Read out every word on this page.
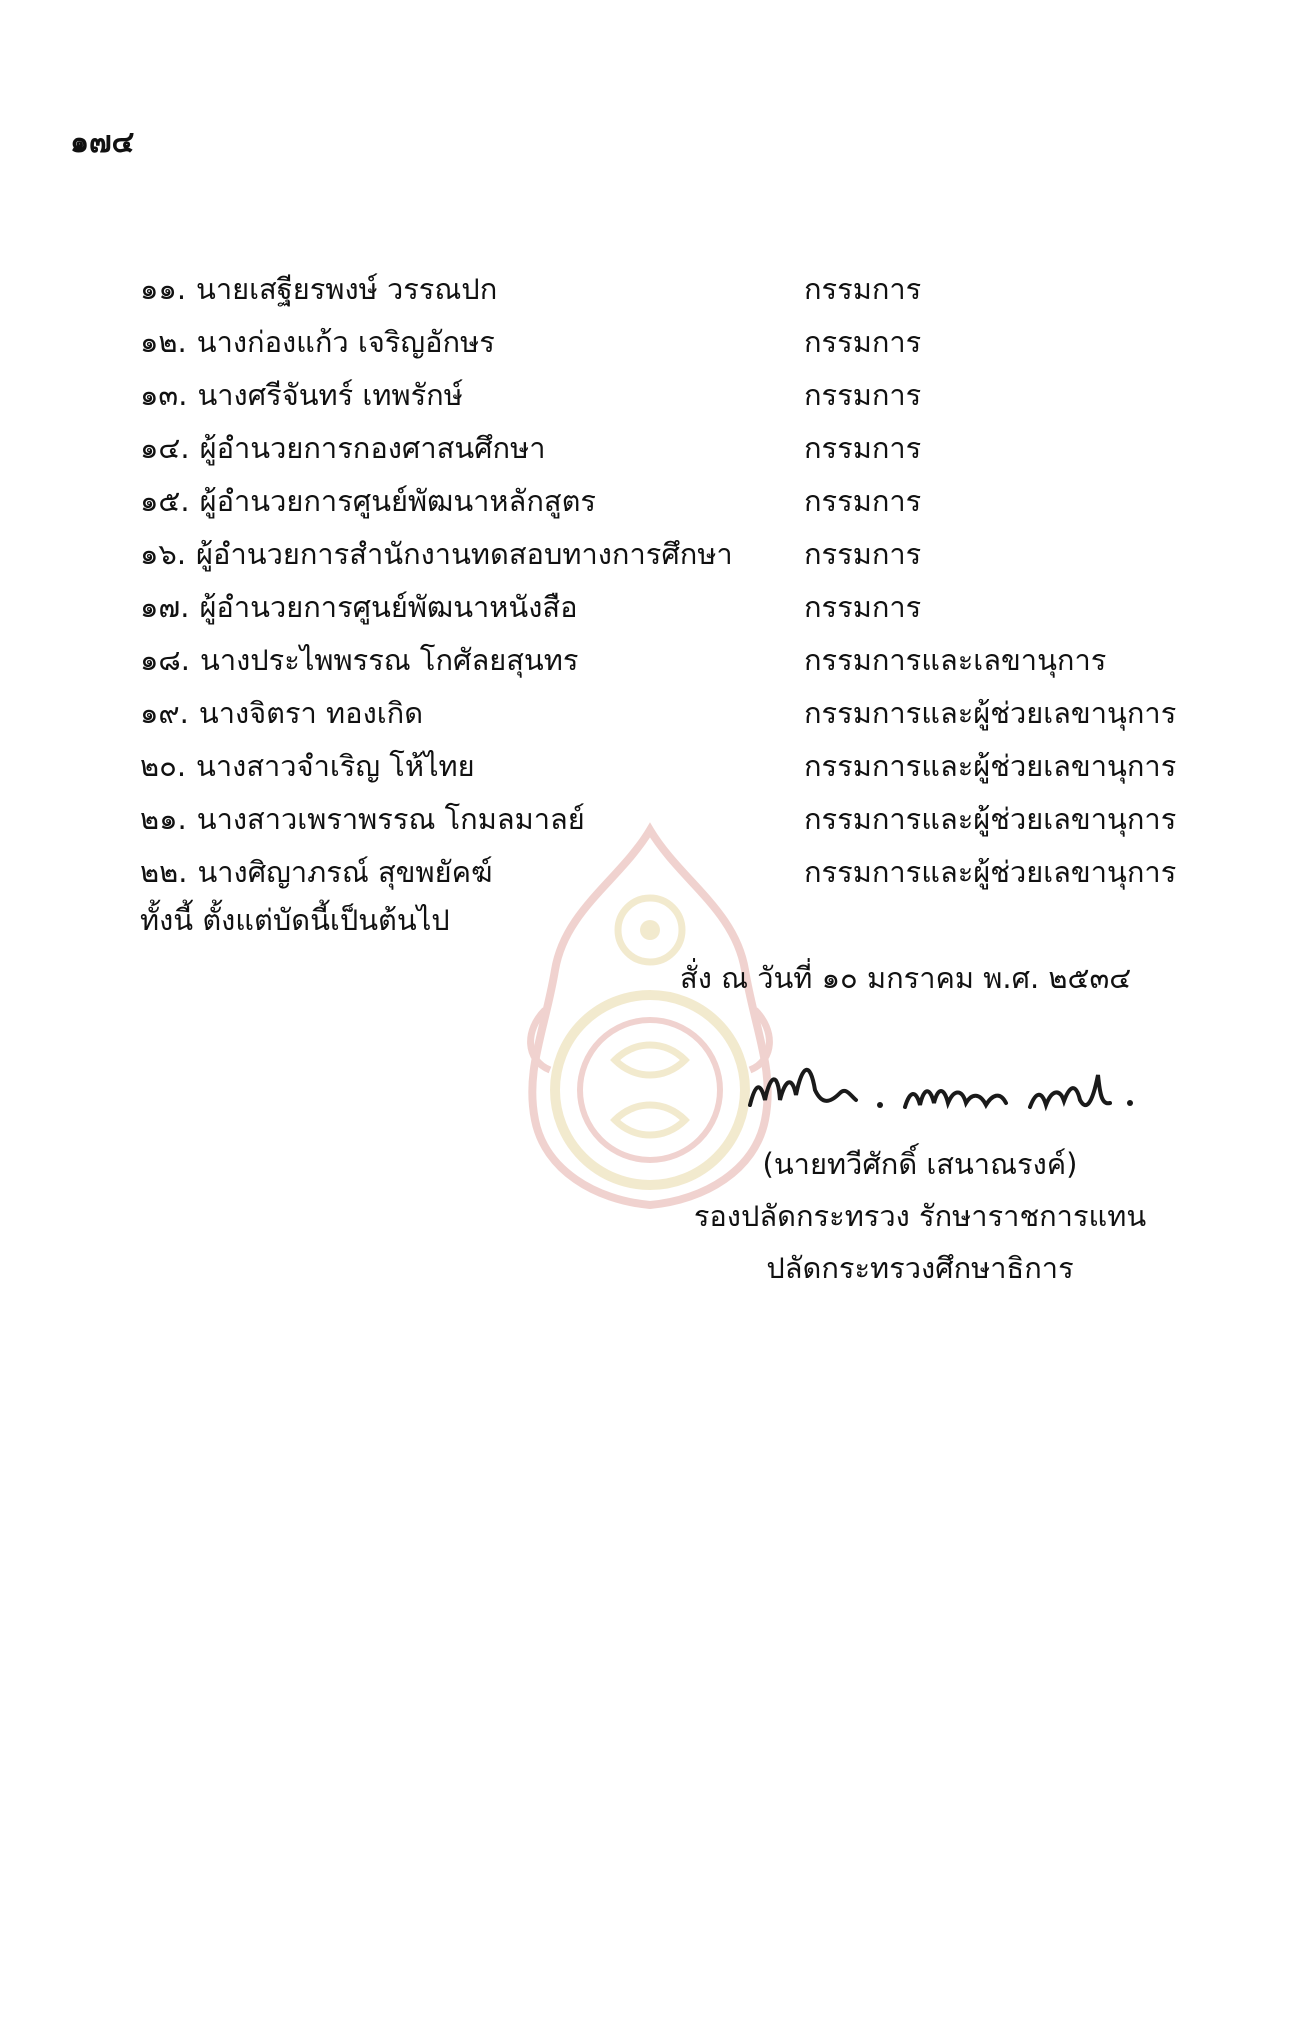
๑๗๔
๑๑. นายเสฐียรพงษ์ วรรณปก	กรรมการ
๑๒. นางก่องแก้ว เจริญอักษร	กรรมการ
๑๓. นางศรีจันทร์ เทพรักษ์	กรรมการ
๑๔. ผู้อำนวยการกองศาสนศึกษา	กรรมการ
๑๕. ผู้อำนวยการศูนย์พัฒนาหลักสูตร	กรรมการ
๑๖. ผู้อำนวยการสำนักงานทดสอบทางการศึกษา	กรรมการ
๑๗. ผู้อำนวยการศูนย์พัฒนาหนังสือ	กรรมการ
๑๘. นางประไพพรรณ โกศัลยสุนทร	กรรมการและเลขานุการ
๑๙. นางจิตรา ทองเกิด	กรรมการและผู้ช่วยเลขานุการ
๒๐. นางสาวจำเริญ โห้ไทย	กรรมการและผู้ช่วยเลขานุการ
๒๑. นางสาวเพราพรรณ โกมลมาลย์	กรรมการและผู้ช่วยเลขานุการ
๒๒. นางศิญาภรณ์ สุขพยัคฆ์	กรรมการและผู้ช่วยเลขานุการ
ทั้งนี้ ตั้งแต่บัดนี้เป็นต้นไป
สั่ง ณ วันที่ ๑๐ มกราคม พ.ศ. ๒๕๓๔
(นายทวีศักดิ์ เสนาณรงค์)
รองปลัดกระทรวง รักษาราชการแทน
ปลัดกระทรวงศึกษาธิการ
